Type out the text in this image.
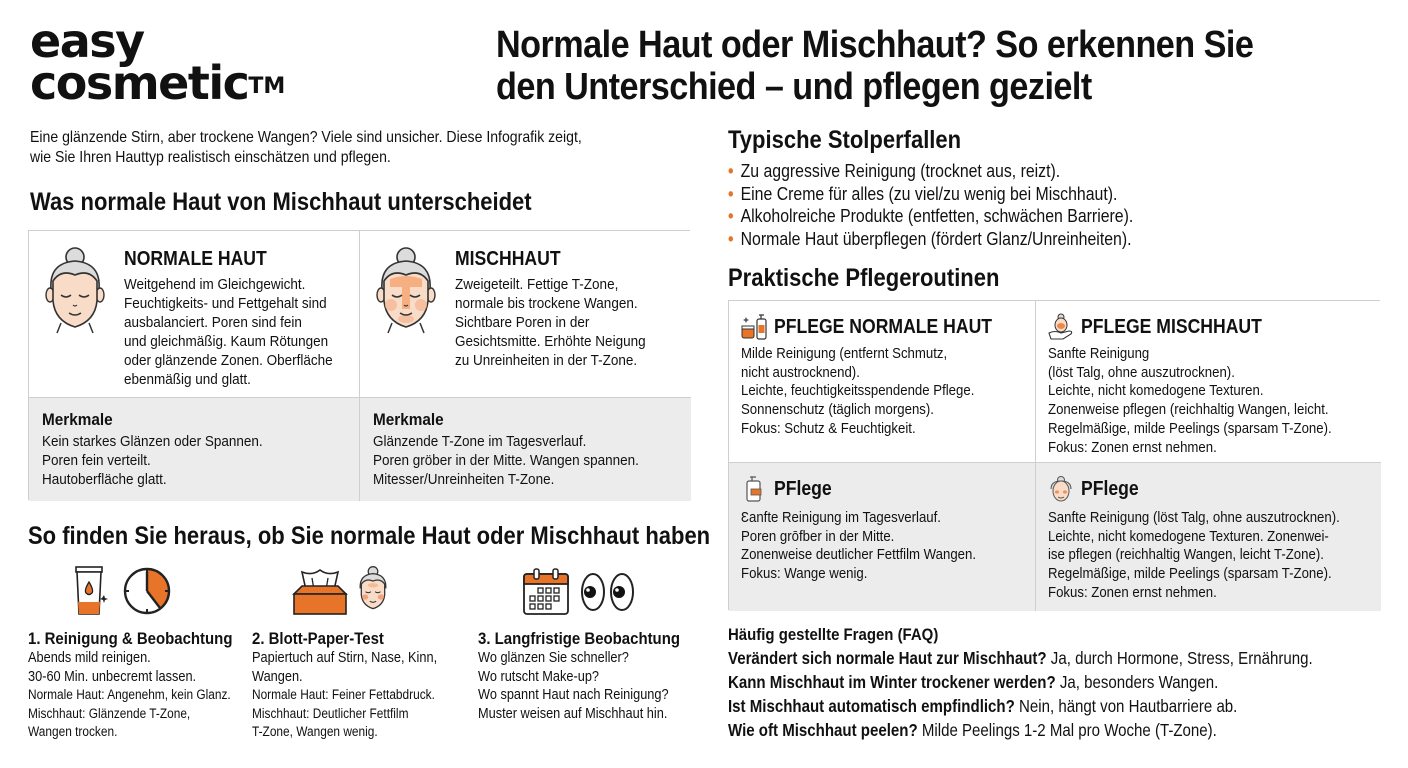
easy
cosmetic™
Normale Haut oder Mischhaut? So erkennen Sie
den Unterschied – und pflegen gezielt
Eine glänzende Stirn, aber trockene Wangen? Viele sind unsicher. Diese Infografik zeigt,
wie Sie Ihren Hauttyp realistisch einschätzen und pflegen.
Was normale Haut von Mischhaut unterscheidet
NORMALE HAUT
Weitgehend im Gleichgewicht.
Feuchtigkeits- und Fettgehalt sind
ausbalanciert. Poren sind fein
und gleichmäßig. Kaum Rötungen
oder glänzende Zonen. Oberfläche
ebenmäßig und glatt.
MISCHHAUT
Zweigeteilt. Fettige T-Zone,
normale bis trockene Wangen.
Sichtbare Poren in der
Gesichtsmitte. Erhöhte Neigung
zu Unreinheiten in der T-Zone.
Merkmale
Kein starkes Glänzen oder Spannen.
Poren fein verteilt.
Hautoberfläche glatt.
Merkmale
Glänzende T-Zone im Tagesverlauf.
Poren gröber in der Mitte. Wangen spannen.
Mitesser/Unreinheiten T-Zone.
So finden Sie heraus, ob Sie normale Haut oder Mischhaut haben
1. Reinigung & Beobachtung
Abends mild reinigen.
30-60 Min. unbecremt lassen.
Normale Haut: Angenehm, kein Glanz.
Mischhaut: Glänzende T-Zone,
Wangen trocken.
2. Blott-Paper-Test
Papiertuch auf Stirn, Nase, Kinn,
Wangen.
Normale Haut: Feiner Fettabdruck.
Mischhaut: Deutlicher Fettfilm
T-Zone, Wangen wenig.
3. Langfristige Beobachtung
Wo glänzen Sie schneller?
Wo rutscht Make-up?
Wo spannt Haut nach Reinigung?
Muster weisen auf Mischhaut hin.
Typische Stolperfallen
• Zu aggressive Reinigung (trocknet aus, reizt).
• Eine Creme für alles (zu viel/zu wenig bei Mischhaut).
• Alkoholreiche Produkte (entfetten, schwächen Barriere).
• Normale Haut überpflegen (fördert Glanz/Unreinheiten).
Praktische Pflegeroutinen
PFLEGE NORMALE HAUT
Milde Reinigung (entfernt Schmutz,
nicht austrocknend).
Leichte, feuchtigkeitsspendende Pflege.
Sonnenschutz (täglich morgens).
Fokus: Schutz & Feuchtigkeit.
PFLEGE MISCHHAUT
Sanfte Reinigung
(löst Talg, ohne auszutrocknen).
Leichte, nicht komedogene Texturen.
Zonenweise pflegen (reichhaltig Wangen, leicht.
Regelmäßige, milde Peelings (sparsam T-Zone).
Fokus: Zonen ernst nehmen.
PFlege
Ɛanfte Reinigung im Tagesverlauf.
Poren grōfber in der Mitte.
Zonenweise deutlicher Fettfilm Wangen.
Fokus: Wange wenig.
PFlege
Sanfte Reinigung (löst Talg, ohne auszutrocknen).
Leichte, nicht komedogene Texturen. Zonenwei-
ise pflegen (reichhaltig Wangen, leicht T-Zone).
Regelmäßige, milde Peelings (sparsam T-Zone).
Fokus: Zonen ernst nehmen.
Häufig gestellte Fragen (FAQ)
Verändert sich normale Haut zur Mischhaut? Ja, durch Hormone, Stress, Ernährung.
Kann Mischhaut im Winter trockener werden? Ja, besonders Wangen.
Ist Mischhaut automatisch empfindlich? Nein, hängt von Hautbarriere ab.
Wie oft Mischhaut peelen? Milde Peelings 1-2 Mal pro Woche (T-Zone).
